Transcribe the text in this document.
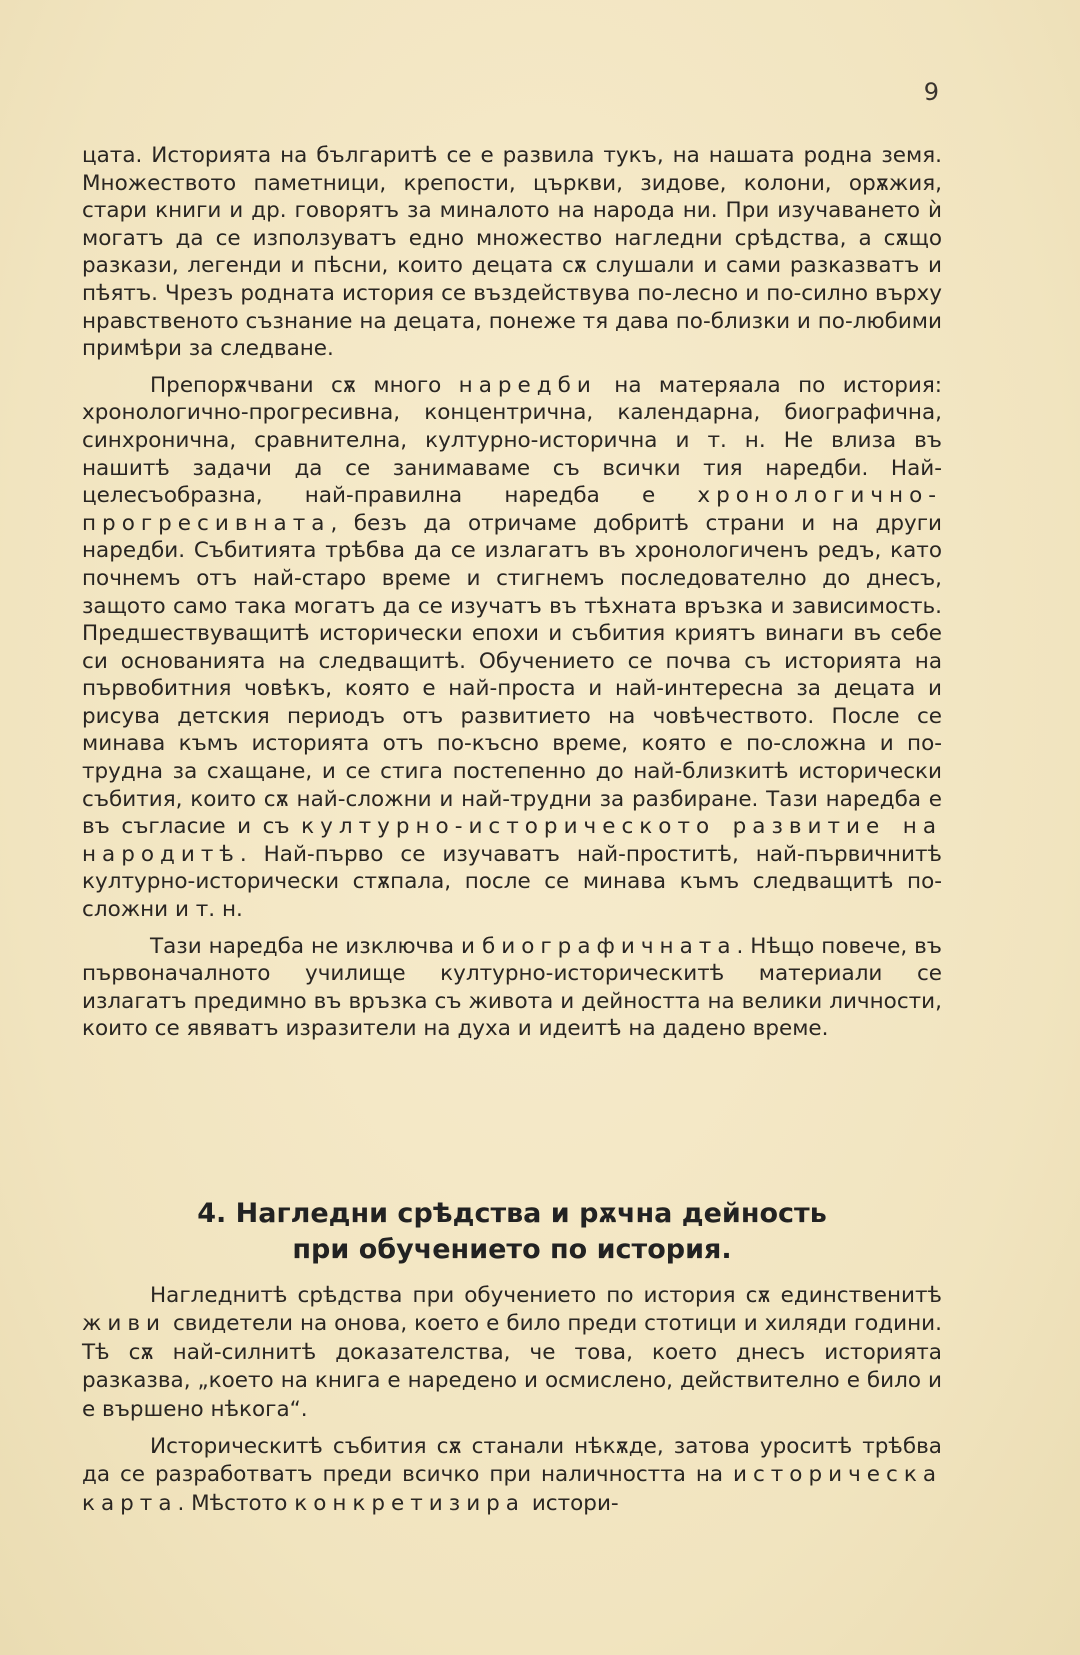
9

цата. Историята на българитѣ се е развила тукъ, на нашата родна земя. Множеството паметници, крепости, църкви, зидове, колони, орѫжия, стари книги и др. говорятъ за миналото на народа ни. При изучаването ѝ могатъ да се използуватъ едно множество нагледни срѣдства, а сѫщо разкази, легенди и пѣсни, които децата сѫ слушали и сами разказватъ и пѣятъ. Чрезъ родната история се въздействува по-лесно и по-силно върху нравственото съзнание на децата, понеже тя дава по-близки и по-любими примѣри за следване.

Препорѫчвани сѫ много наредби на матеряала по история: хронологично-прогресивна, концентрична, календарна, биографична, синхронична, сравнителна, културно-исторична и т. н. Не влиза въ нашитѣ задачи да се занимаваме съ всички тия наредби. Най-целесъобразна, най-правилна наредба е хронологично-прогресивната, безъ да отричаме добритѣ страни и на други наредби. Събитията трѣбва да се излагатъ въ хронологиченъ редъ, като почнемъ отъ най-старо време и стигнемъ последователно до днесъ, защото само така могатъ да се изучатъ въ тѣхната връзка и зависимость. Предшествуващитѣ исторически епохи и събития криятъ винаги въ себе си основанията на следващитѣ. Обучението се почва съ историята на първобитния човѣкъ, която е най-проста и най-интересна за децата и рисува детския периодъ отъ развитието на човѣчеството. После се минава къмъ историята отъ по-късно време, която е по-сложна и по-трудна за схащане, и се стига постепенно до най-близкитѣ исторически събития, които сѫ най-сложни и най-трудни за разбиране. Тази наредба е въ съгласие и съ културно-историческото развитие на народитѣ. Най-първо се изучаватъ най-проститѣ, най-първичнитѣ културно-исторически стѫпала, после се минава къмъ следващитѣ по-сложни и т. н.

Тази наредба не изключва и биографичната. Нѣщо повече, въ първоначалното училище културно-историческитѣ материали се излагатъ предимно въ връзка съ живота и дейността на велики личности, които се явяватъ изразители на духа и идеитѣ на дадено време.

4. Нагледни срѣдства и рѫчна дейность
при обучението по история.

Нагледнитѣ срѣдства при обучението по история сѫ единственитѣ живи свидетели на онова, което е било преди стотици и хиляди години. Тѣ сѫ най-силнитѣ доказателства, че това, което днесъ историята разказва, „което на книга е наредено и осмислено, действително е било и е вършено нѣкога“.

Историческитѣ събития сѫ станали нѣкѫде, затова урocитѣ трѣбва да се разработватъ преди всичко при наличността на историческа карта. Мѣстото конкретизира истори-
